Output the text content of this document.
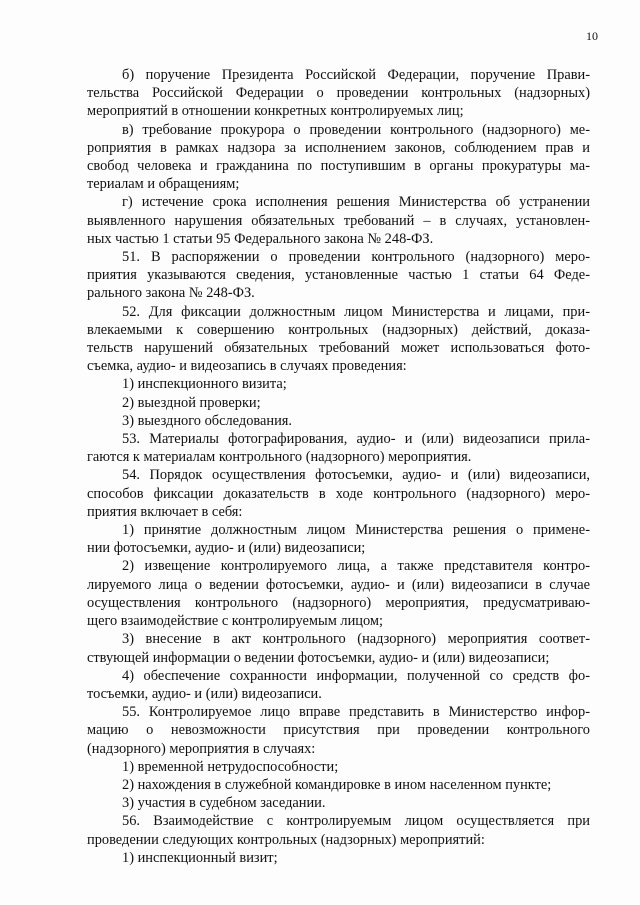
10

б) поручение Президента Российской Федерации, поручение Прави-
тельства Российской Федерации о проведении контрольных (надзорных)
мероприятий в отношении конкретных контролируемых лиц;

в) требование прокурора о проведении контрольного (надзорного) ме-
роприятия в рамках надзора за исполнением законов, соблюдением прав и
свобод человека и гражданина по поступившим в органы прокуратуры ма-
териалам и обращениям;

г) истечение срока исполнения решения Министерства об устранении
выявленного нарушения обязательных требований – в случаях, установлен-
ных частью 1 статьи 95 Федерального закона № 248-ФЗ.

51. В распоряжении о проведении контрольного (надзорного) меро-
приятия указываются сведения, установленные частью 1 статьи 64 Феде-
рального закона № 248-ФЗ.

52. Для фиксации должностным лицом Министерства и лицами, при-
влекаемыми к совершению контрольных (надзорных) действий, доказа-
тельств нарушений обязательных требований может использоваться фото-
съемка, аудио- и видеозапись в случаях проведения:

1) инспекционного визита;

2) выездной проверки;

3) выездного обследования.

53. Материалы фотографирования, аудио- и (или) видеозаписи прила-
гаются к материалам контрольного (надзорного) мероприятия.

54. Порядок осуществления фотосъемки, аудио- и (или) видеозаписи,
способов фиксации доказательств в ходе контрольного (надзорного) меро-
приятия включает в себя:

1) принятие должностным лицом Министерства решения о примене-
нии фотосъемки, аудио- и (или) видеозаписи;

2) извещение контролируемого лица, а также представителя контро-
лируемого лица о ведении фотосъемки, аудио- и (или) видеозаписи в случае
осуществления контрольного (надзорного) мероприятия, предусматриваю-
щего взаимодействие с контролируемым лицом;

3) внесение в акт контрольного (надзорного) мероприятия соответ-
ствующей информации о ведении фотосъемки, аудио- и (или) видеозаписи;

4) обеспечение сохранности информации, полученной со средств фо-
тосъемки, аудио- и (или) видеозаписи.

55. Контролируемое лицо вправе представить в Министерство инфор-
мацию о невозможности присутствия при проведении контрольного
(надзорного) мероприятия в случаях:

1) временной нетрудоспособности;

2) нахождения в служебной командировке в ином населенном пункте;

3) участия в судебном заседании.

56. Взаимодействие с контролируемым лицом осуществляется при
проведении следующих контрольных (надзорных) мероприятий:

1) инспекционный визит;
